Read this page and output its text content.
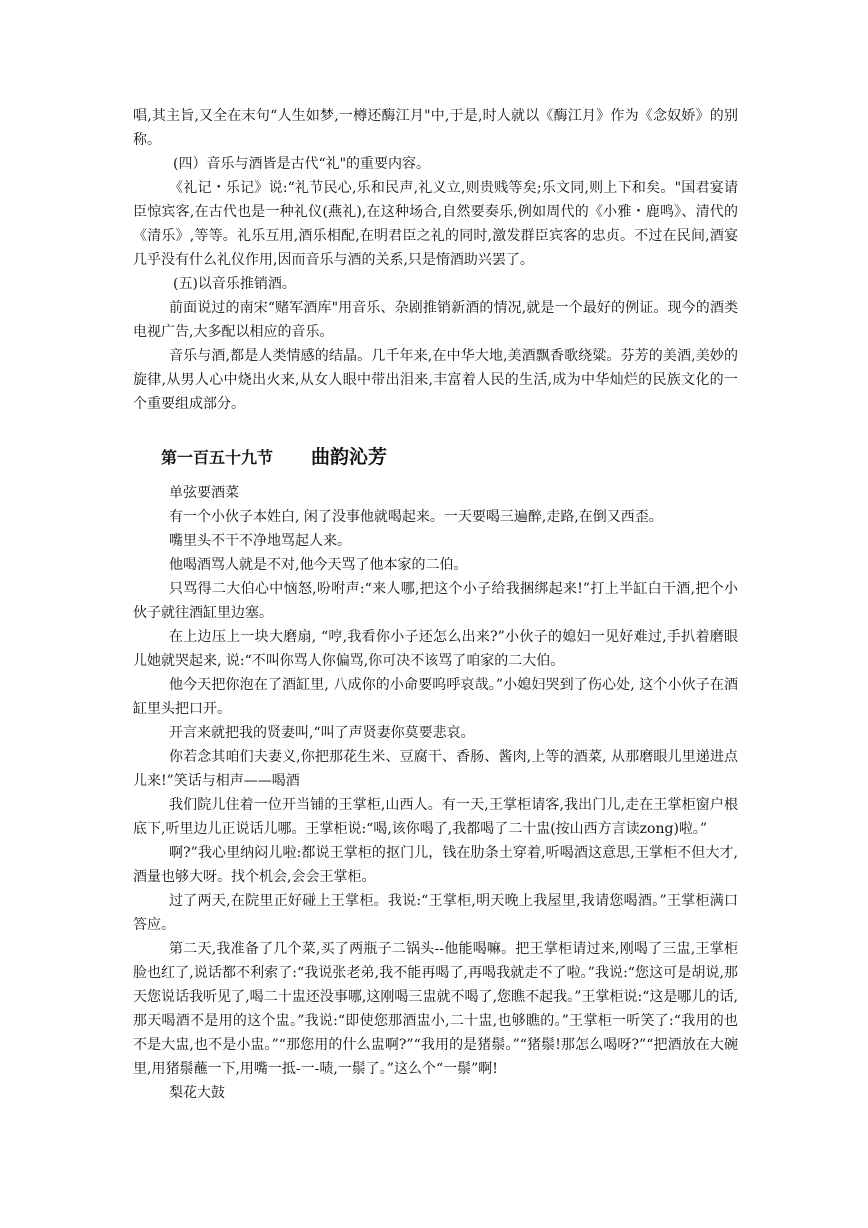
唱,其主旨,又全在末句“人生如梦,一樽还酶江月"中,于是,时人就以《酶江月》作为《念奴娇》的别称。

(四）音乐与酒皆是古代“礼"的重要内容。

《礼记・乐记》说:“礼节民心,乐和民声,礼义立,则贵贱等矣;乐文同,则上下和矣。"国君宴请臣惊宾客,在古代也是一种礼仪(燕礼),在这种场合,自然要奏乐,例如周代的《小雅・鹿鸣》、清代的《清乐》,等等。礼乐互用,酒乐相配,在明君臣之礼的同时,激发群臣宾客的忠贞。不过在民间,酒宴几乎没有什么礼仪作用,因而音乐与酒的关系,只是惰酒助兴罢了。

(五)以音乐推销酒。

前面说过的南宋“赌军酒库"用音乐、杂剧推销新酒的情况,就是一个最好的例证。现今的酒类电视广告,大多配以相应的音乐。

音乐与酒,都是人类情感的结晶。几千年来,在中华大地,美酒飘香歌绕粱。芬芳的美酒,美妙的旋律,从男人心中烧出火来,从女人眼中带出泪来,丰富着人民的生活,成为中华灿烂的民族文化的一个重要组成部分。

第一百五十九节 曲韵沁芳

单弦要酒菜

有一个小伙子本姓白, 闲了没事他就喝起来。一天要喝三遍醉,走路,在倒又西歪。

嘴里头不干不净地骂起人来。

他喝酒骂人就是不对,他今天骂了他本家的二伯。

只骂得二大伯心中恼怒,吩咐声:“来人哪,把这个小子给我捆绑起来!”打上半缸白干酒,把个小伙子就往酒缸里边塞。

在上边压上一块大磨扇, “哼,我看你小子还怎么出来?”小伙子的媳妇一见好难过,手扒着磨眼儿她就哭起来, 说:“不叫你骂人你偏骂,你可决不该骂了咱家的二大伯。

他今天把你泡在了酒缸里, 八成你的小命要呜呼哀哉。”小媳妇哭到了伤心处, 这个小伙子在酒缸里头把口开。

开言来就把我的贤妻叫,“叫了声贤妻你莫要悲哀。

你若念其咱们夫妻义,你把那花生米、豆腐干、香肠、酱肉,上等的酒菜, 从那磨眼儿里递进点儿来!”笑话与相声——喝酒

我们院儿住着一位开当铺的王掌柜,山西人。有一天,王掌柜请客,我出门儿,走在王掌柜窗户根底下,听里边儿正说话儿哪。王掌柜说:“喝,该你喝了,我都喝了二十盅(按山西方言读zong)啦。”

啊?”我心里纳闷儿啦:都说王掌柜的抠门儿，钱在肋条土穿着,听喝酒这意思,王掌柜不但大才,酒量也够大呀。找个机会,会会王掌柜。

过了两天,在院里正好碰上王掌柜。我说:“王掌柜,明天晚上我屋里,我请您喝酒。”王掌柜满口答应。

第二天,我准备了几个菜,买了两瓶子二锅头--他能喝嘛。把王掌柜请过来,刚喝了三盅,王掌柜脸也红了,说话都不利索了:“我说张老弟,我不能再喝了,再喝我就走不了啦。”我说:“您这可是胡说,那天您说话我听见了,喝二十盅还没事哪,这刚喝三盅就不喝了,您瞧不起我。”王掌柜说:“这是哪儿的话,那天喝酒不是用的这个盅。”我说:“即使您那酒盅小,二十盅,也够瞧的。”王掌柜一听笑了:“我用的也不是大盅,也不是小盅。”“那您用的什么盅啊?”“我用的是猪鬃。”“猪鬃!那怎么喝呀?”“把酒放在大碗里,用猪鬃蘸一下,用嘴一抵-一-啧,一鬃了。”这么个“一鬃”啊!

梨花大鼓
